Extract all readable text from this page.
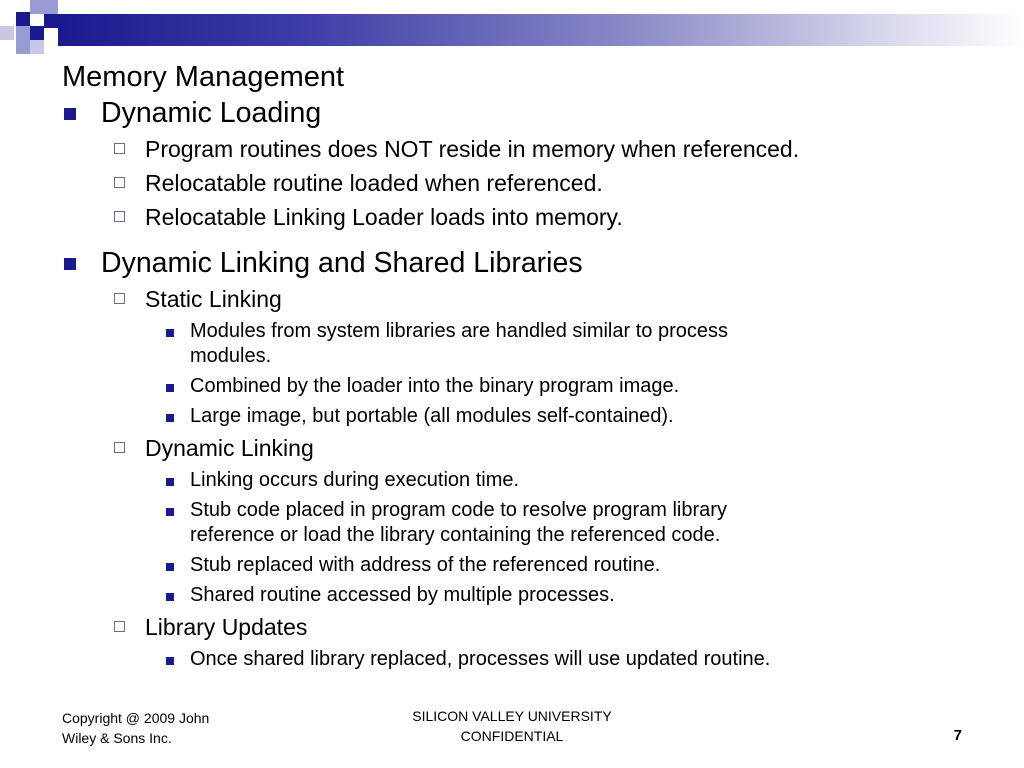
Memory Management
Dynamic Loading
Program routines does NOT reside in memory when referenced.
Relocatable routine loaded when referenced.
Relocatable Linking Loader loads into memory.
Dynamic Linking and Shared Libraries
Static Linking
Modules from system libraries are handled similar to process
modules.
Combined by the loader into the binary program image.
Large image, but portable (all modules self-contained).
Dynamic Linking
Linking occurs during execution time.
Stub code placed in program code to resolve program library
reference or load the library containing the referenced code.
Stub replaced with address of the referenced routine.
Shared routine accessed by multiple processes.
Library Updates
Once shared library replaced, processes will use updated routine.
Copyright @ 2009 John
Wiley & Sons Inc.
SILICON VALLEY UNIVERSITY
CONFIDENTIAL	7
